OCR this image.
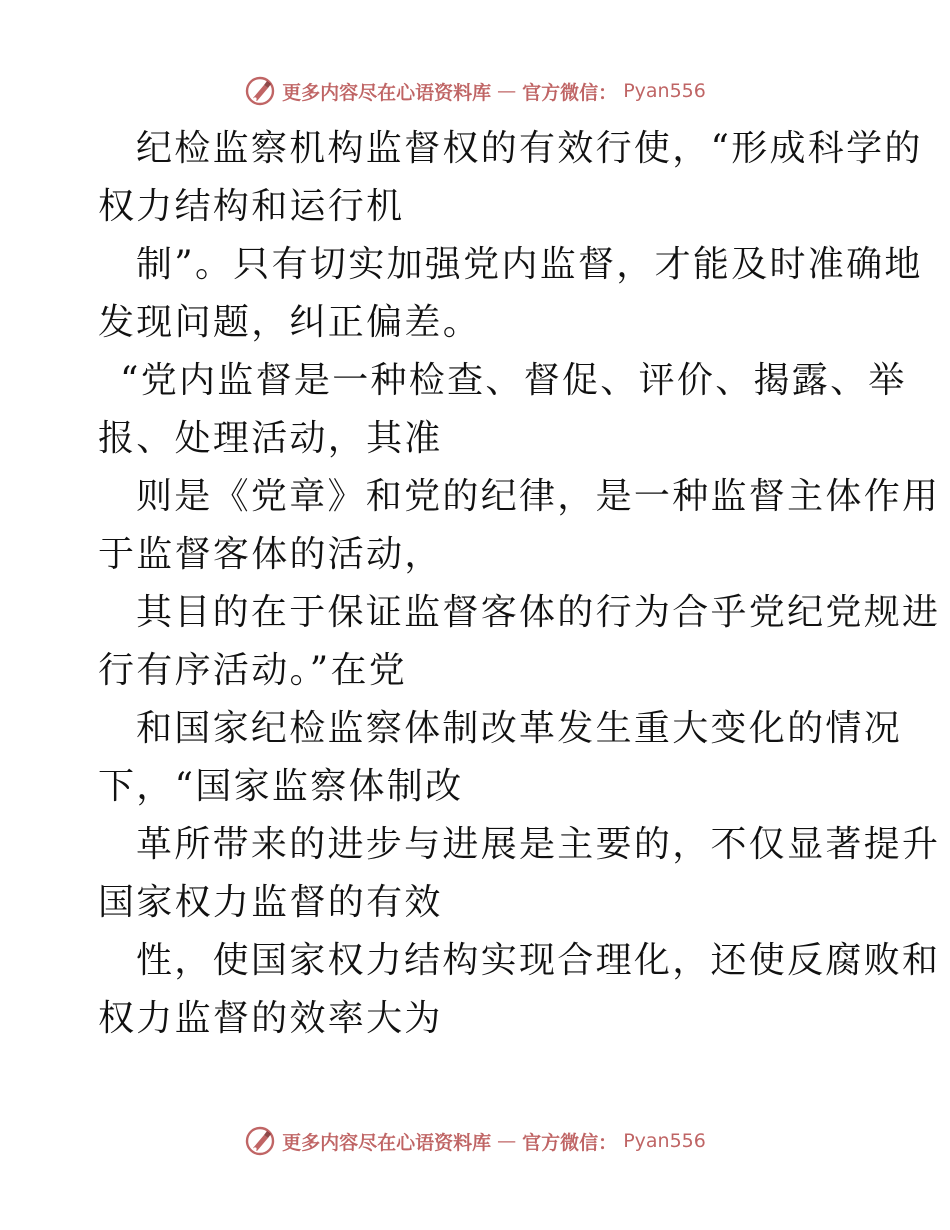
更多内容尽在心语资料库 — 官方微信： Pyan556
纪检监察机构监督权的有效行使，“形成科学的
权力结构和运行机
制”。只有切实加强党内监督，才能及时准确地
发现问题，纠正偏差。
“党内监督是一种检查、督促、评价、揭露、举
报、处理活动，其准
则是《党章》和党的纪律，是一种监督主体作用
于监督客体的活动，
其目的在于保证监督客体的行为合乎党纪党规进
行有序活动。”在党
和国家纪检监察体制改革发生重大变化的情况
下，“国家监察体制改
革所带来的进步与进展是主要的，不仅显著提升
国家权力监督的有效
性，使国家权力结构实现合理化，还使反腐败和
权力监督的效率大为
更多内容尽在心语资料库 — 官方微信： Pyan556
